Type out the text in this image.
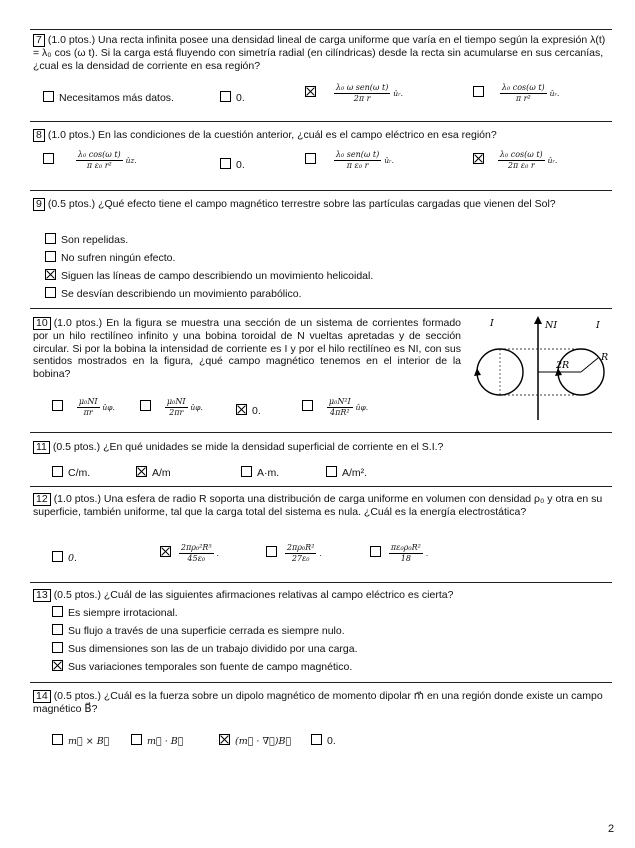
7 (1.0 ptos.) Una recta infinita posee una densidad lineal de carga uniforme que varía en el tiempo según la expresión λ(t) = λ₀ cos (ω t). Si la carga está fluyendo con simetría radial (en cilíndricas) desde la recta sin acumularse en sus cercanías, ¿cual es la densidad de corriente en esa región?
Necesitamos más datos.	0.
	$\frac{\text{λ₀ ω sen(ω t)}}{\text{2π r}}$ ûᵣ.
	$\frac{\text{λ₀ cos(ω t)}}{\text{π r²}}$ ûᵣ.
8 (1.0 ptos.) En las condiciones de la cuestión anterior, ¿cuál es el campo eléctrico en esa región?

$\frac{\text{λ₀ cos(ω t)}}{\text{π ε₀ r²}}$ ûz.	0.
	$\frac{\text{λ₀ sen(ω t)}}{\text{π ε₀ r}}$ ûᵣ.
	$\frac{\text{λ₀ cos(ω t)}}{\text{2π ε₀ r}}$ ûᵣ.
9 (0.5 ptos.) ¿Qué efecto tiene el campo magnético terrestre sobre las partículas cargadas que vienen del Sol?
Son repelidas.
No sufren ningún efecto.
Siguen las líneas de campo describiendo un movimiento helicoidal.
Se desvían describiendo un movimiento parabólico.
10 (1.0 ptos.) En la figura se muestra una sección de un sistema de corrientes formado por un hilo rectilíneo infinito y una bobina toroidal de N vueltas apretadas y de sección circular. Si por la bobina la intensidad de corriente es I y por el hilo rectilíneo es NI, con sus sentidos mostrados en la figura, ¿qué campo magnético tenemos en el interior de la bobina?
I	NI	I
2R
R

$\frac{\text{μ₀NI}}{\pi r}$ ûφ.
	$\frac{\text{μ₀NI}}{2\pi r}$ ûφ.	0.
	$\frac{\text{μ₀N²I}}{\text{4πR²}}$ ûφ.
11 (0.5 ptos.) ¿En qué unidades se mide la densidad superficial de corriente en el S.I.?
C/m.	A/m	A·m.	A/m².
12 (1.0 ptos.) Una esfera de radio R soporta una distribución de carga uniforme en volumen con densidad ρ₀ y otra en su superficie, también uniforme, tal que la carga total del sistema es nula. ¿Cuál es la energía electrostática?
0.
	$\frac{\text{2πρ₀²R⁵}}{\text{45ε₀}}$ .
	$\frac{\text{2πρ₀R²}}{\text{27ε₀}}$ .
	$\frac{\text{πε₀ρ₀R²}}{18}$ .
13 (0.5 ptos.) ¿Cuál de las siguientes afirmaciones relativas al campo eléctrico es cierta?
Es siempre irrotacional.
Su flujo a través de una superficie cerrada es siempre nulo.
Sus dimensiones son las de un trabajo dividido por una carga.
Sus variaciones temporales son fuente de campo magnético.
14 (0.5 ptos.) ¿Cuál es la fuerza sobre un dipolo magnético de momento dipolar m⃗ en una región donde existe un campo magnético B⃗?
m⃗ × B⃗	m⃗ · B⃗	(m⃗ · ∇⃗)B⃗	0.
2
